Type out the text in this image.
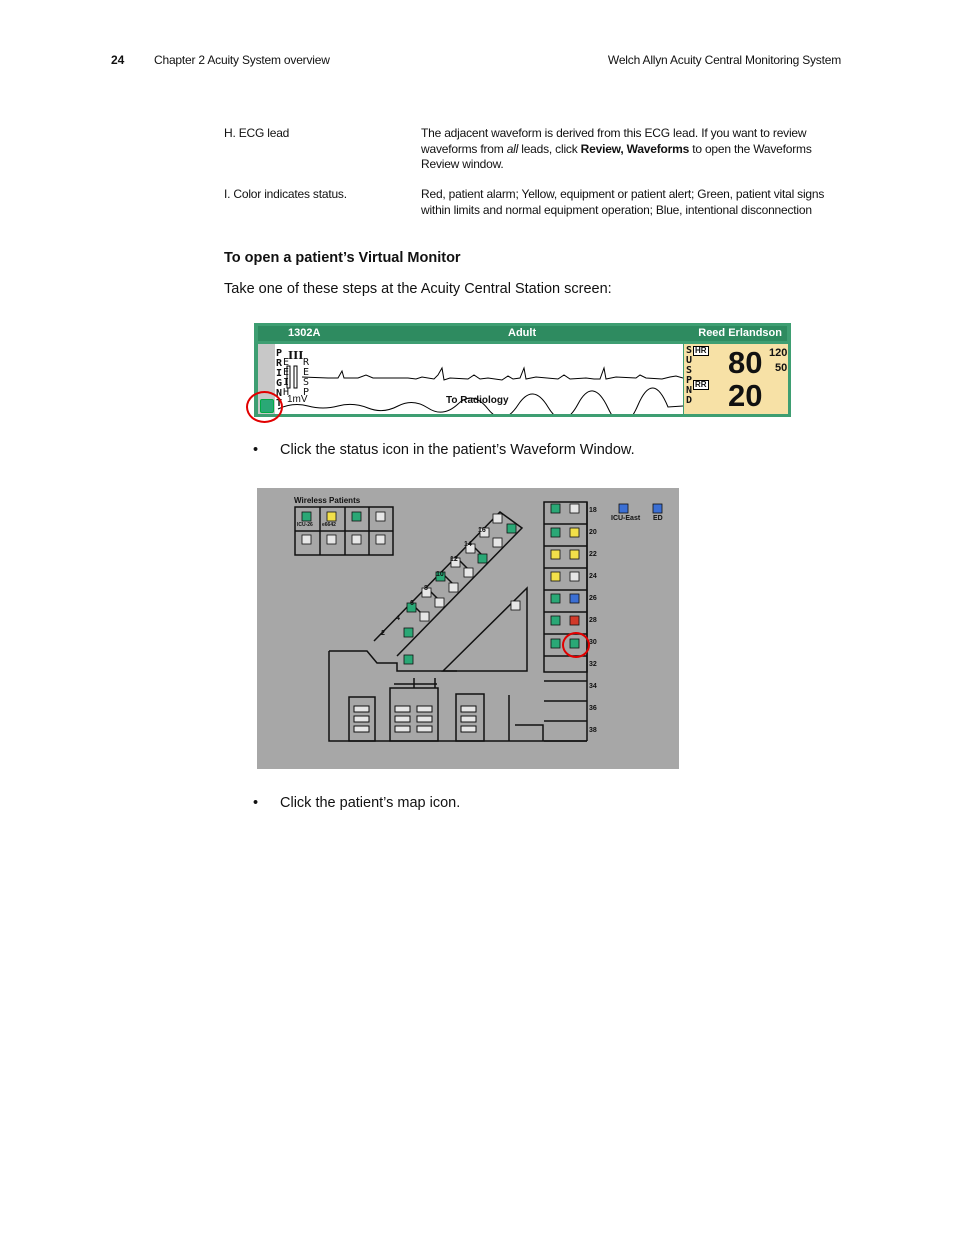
24 Chapter 2 Acuity System overview	Welch Allyn Acuity Central Monitoring System
H. ECG lead	The adjacent waveform is derived from this ECG lead. If you want to review waveforms from all leads, click Review, Waveforms to open the Waveforms Review window.
I. Color indicates status.	Red, patient alarm; Yellow, equipment or patient alert; Green, patient vital signs within limits and normal equipment operation; Blue, intentional disconnection
To open a patient’s Virtual Monitor
Take one of these steps at the Acuity Central Station screen:
1302A	Adult	Reed Erlandson
PRIGNT
EEIH
III
RESP
1mV	To Radiology
SUSPND
HR 80 120
50
RR 20
• Click the status icon in the patient’s Waveform Window.
Wireless Patients
ICU-26 e6642
ICU-East ED
18
20
22
24
26
28
30
32
34
36
38
2
4
6
8
10
12
14
16
• Click the patient’s map icon.
